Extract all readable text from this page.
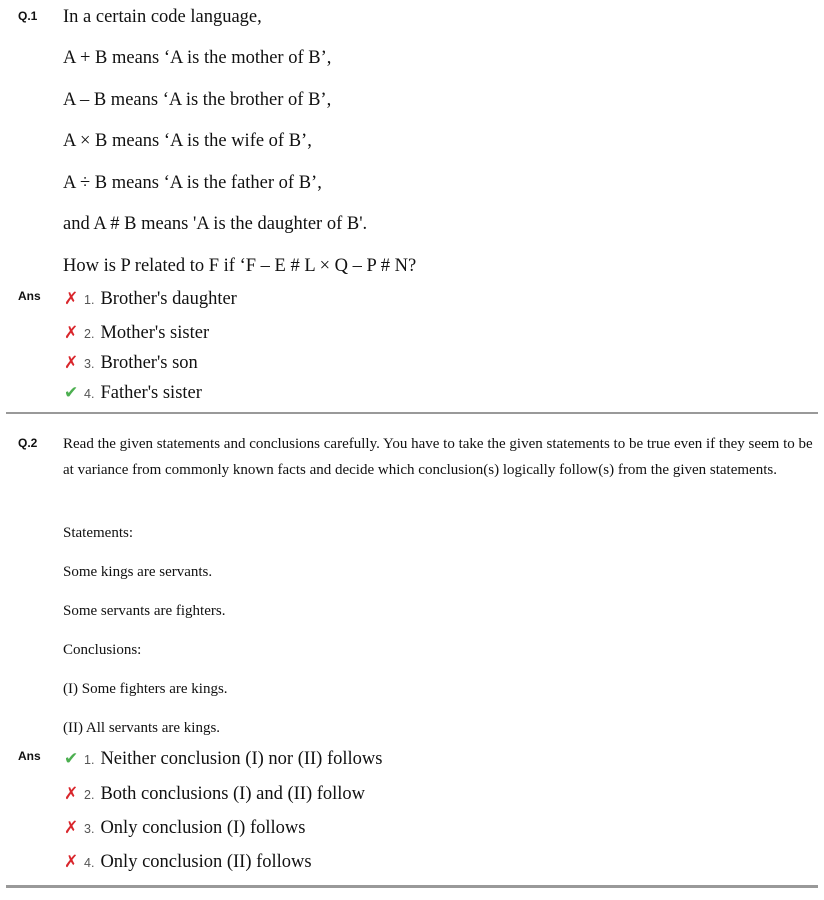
Q.1 In a certain code language,
A + B means ‘A is the mother of B’,
A – B means ‘A is the brother of B’,
A × B means ‘A is the wife of B’,
A ÷ B means ‘A is the father of B’,
and A # B means 'A is the daughter of B'.
How is P related to F if ‘F – E # L × Q – P # N?
Ans ✗ 1. Brother's daughter
✗ 2. Mother's sister
✗ 3. Brother's son
✔ 4. Father's sister
Q.2 Read the given statements and conclusions carefully. You have to take the given statements to be true even if they seem to be at variance from commonly known facts and decide which conclusion(s) logically follow(s) from the given statements.
Statements:
Some kings are servants.
Some servants are fighters.
Conclusions:
(I) Some fighters are kings.
(II) All servants are kings.
Ans ✔ 1. Neither conclusion (I) nor (II) follows
✗ 2. Both conclusions (I) and (II) follow
✗ 3. Only conclusion (I) follows
✗ 4. Only conclusion (II) follows
